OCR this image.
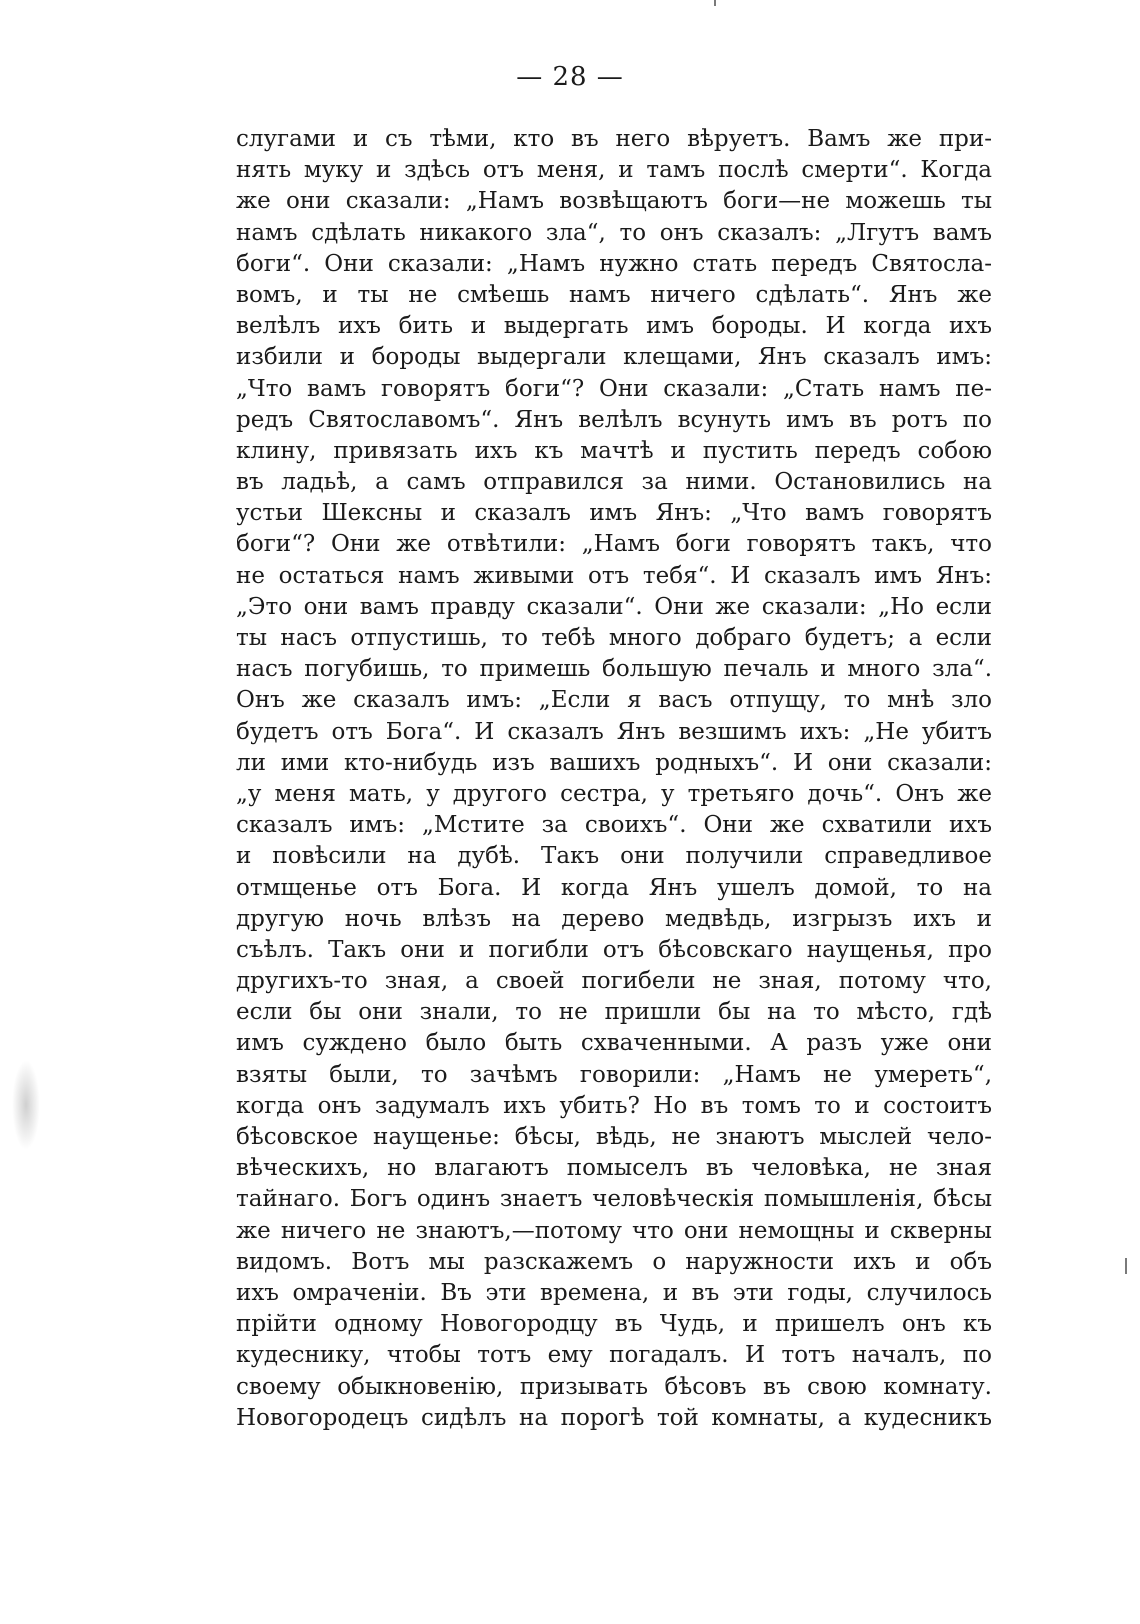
— 28 —
слугами и съ тѣми, кто въ него вѣруетъ. Вамъ же при-
нять муку и здѣсь отъ меня, и тамъ послѣ смерти“. Когда
же они сказали: „Намъ возвѣщаютъ боги—не можешь ты
намъ сдѣлать никакого зла“, то онъ сказалъ: „Лгутъ вамъ
боги“. Они сказали: „Намъ нужно стать передъ Святосла-
вомъ, и ты не смѣешь намъ ничего сдѣлать“. Янъ же
велѣлъ ихъ бить и выдергать имъ бороды. И когда ихъ
избили и бороды выдергали клещами, Янъ сказалъ имъ:
„Что вамъ говорятъ боги“? Они сказали: „Стать намъ пе-
редъ Святославомъ“. Янъ велѣлъ всунуть имъ въ ротъ по
клину, привязать ихъ къ мачтѣ и пустить передъ собою
въ ладьѣ, а самъ отправился за ними. Остановились на
устьи Шексны и сказалъ имъ Янъ: „Что вамъ говорятъ
боги“? Они же отвѣтили: „Намъ боги говорятъ такъ, что
не остаться намъ живыми отъ тебя“. И сказалъ имъ Янъ:
„Это они вамъ правду сказали“. Они же сказали: „Но если
ты насъ отпустишь, то тебѣ много добраго будетъ; а если
насъ погубишь, то примешь большую печаль и много зла“.
Онъ же сказалъ имъ: „Если я васъ отпущу, то мнѣ зло
будетъ отъ Бога“. И сказалъ Янъ везшимъ ихъ: „Не убитъ
ли ими кто-нибудь изъ вашихъ родныхъ“. И они сказали:
„у меня мать, у другого сестра, у третьяго дочь“. Онъ же
сказалъ имъ: „Мстите за своихъ“. Они же схватили ихъ
и повѣсили на дубѣ. Такъ они получили справедливое
отмщенье отъ Бога. И когда Янъ ушелъ домой, то на
другую ночь влѣзъ на дерево медвѣдь, изгрызъ ихъ и
съѣлъ. Такъ они и погибли отъ бѣсовскаго наущенья, про
другихъ-то зная, а своей погибели не зная, потому что,
если бы они знали, то не пришли бы на то мѣсто, гдѣ
имъ суждено было быть схваченными. А разъ уже они
взяты были, то зачѣмъ говорили: „Намъ не умереть“,
когда онъ задумалъ ихъ убить? Но въ томъ то и состоитъ
бѣсовское наущенье: бѣсы, вѣдь, не знаютъ мыслей чело-
вѣческихъ, но влагаютъ помыселъ въ человѣка, не зная
тайнаго. Богъ одинъ знаетъ человѣческія помышленія, бѣсы
же ничего не знаютъ,—потому что они немощны и скверны
видомъ. Вотъ мы разскажемъ о наружности ихъ и объ
ихъ омраченіи. Въ эти времена, и въ эти годы, случилось
прійти одному Новогородцу въ Чудь, и пришелъ онъ къ
кудеснику, чтобы тотъ ему погадалъ. И тотъ началъ, по
своему обыкновенію, призывать бѣсовъ въ свою комнату.
Новогородецъ сидѣлъ на порогѣ той комнаты, а кудесникъ
